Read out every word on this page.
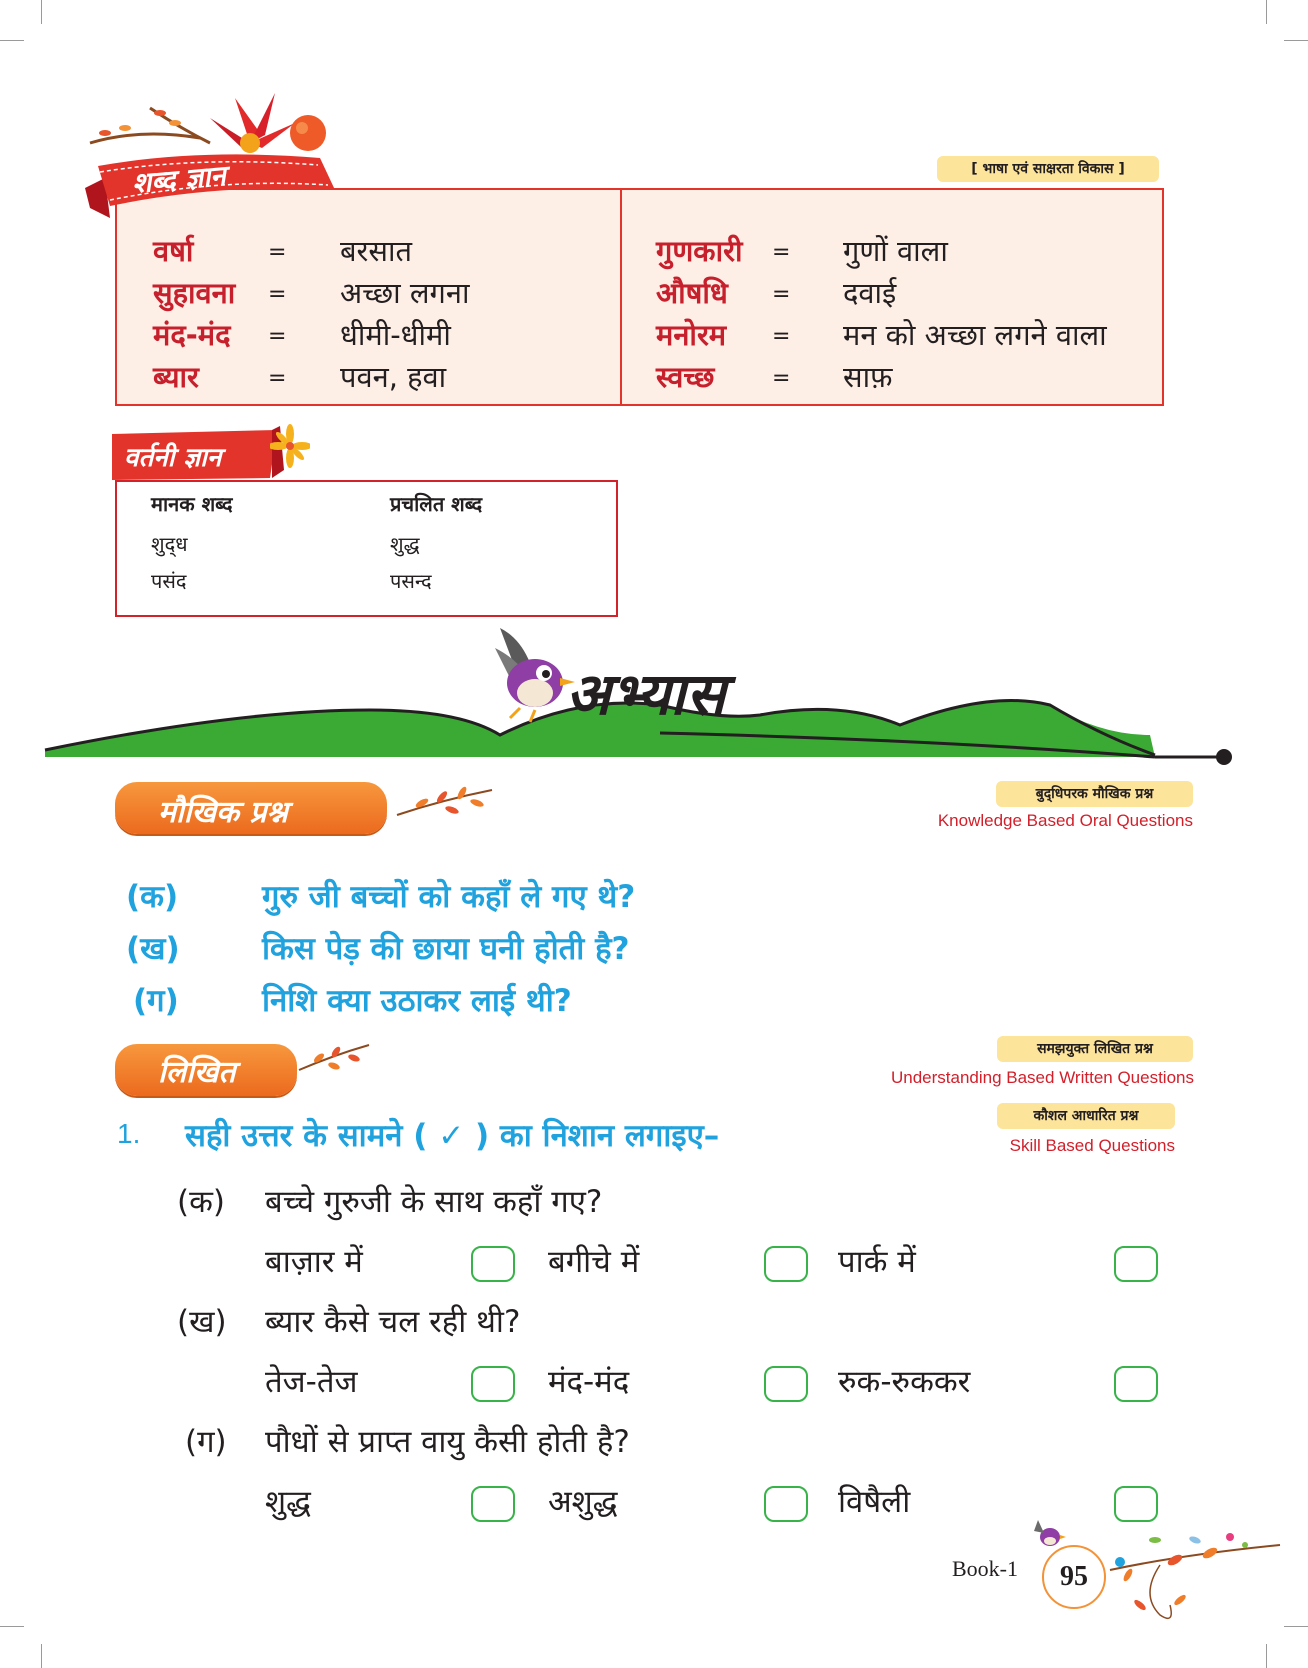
शब्द ज्ञान	[ भाषा एवं साक्षरता विकास ]
वर्षा	= बरसात
सुहावना = अच्छा लगना
मंद-मंद = धीमी-धीमी
ब्यार	= पवन, हवा
गुणकारी = गुणों वाला
औषधि = दवाई
मनोरम = मन को अच्छा लगने वाला
स्वच्छ	= साफ़
वर्तनी ज्ञान
मानक शब्द	प्रचलित शब्द
शुद्‌ध	शुद्ध
पसंद	पसन्द
अभ्यास
मौखिक प्रश्न
बुद्‌धिपरक मौखिक प्रश्न
Knowledge Based Oral Questions
(क)	गुरु जी बच्चों को कहाँ ले गए थे?
(ख)	किस पेड़ की छाया घनी होती है?
(ग)	निशि क्या उठाकर लाई थी?
लिखित
समझयुक्त लिखित प्रश्न
Understanding Based Written Questions
कौशल आधारित प्रश्न
Skill Based Questions
1. सही उत्तर के सामने ( ✓ ) का निशान लगाइए–
(क) बच्चे गुरुजी के साथ कहाँ गए?
बाज़ार में	बगीचे में	पार्क में
(ख) ब्यार कैसे चल रही थी?
तेज-तेज	मंद-मंद	रुक-रुककर
(ग) पौधों से प्राप्त वायु कैसी होती है?
शुद्ध	अशुद्ध	विषैली
Book-1	95
